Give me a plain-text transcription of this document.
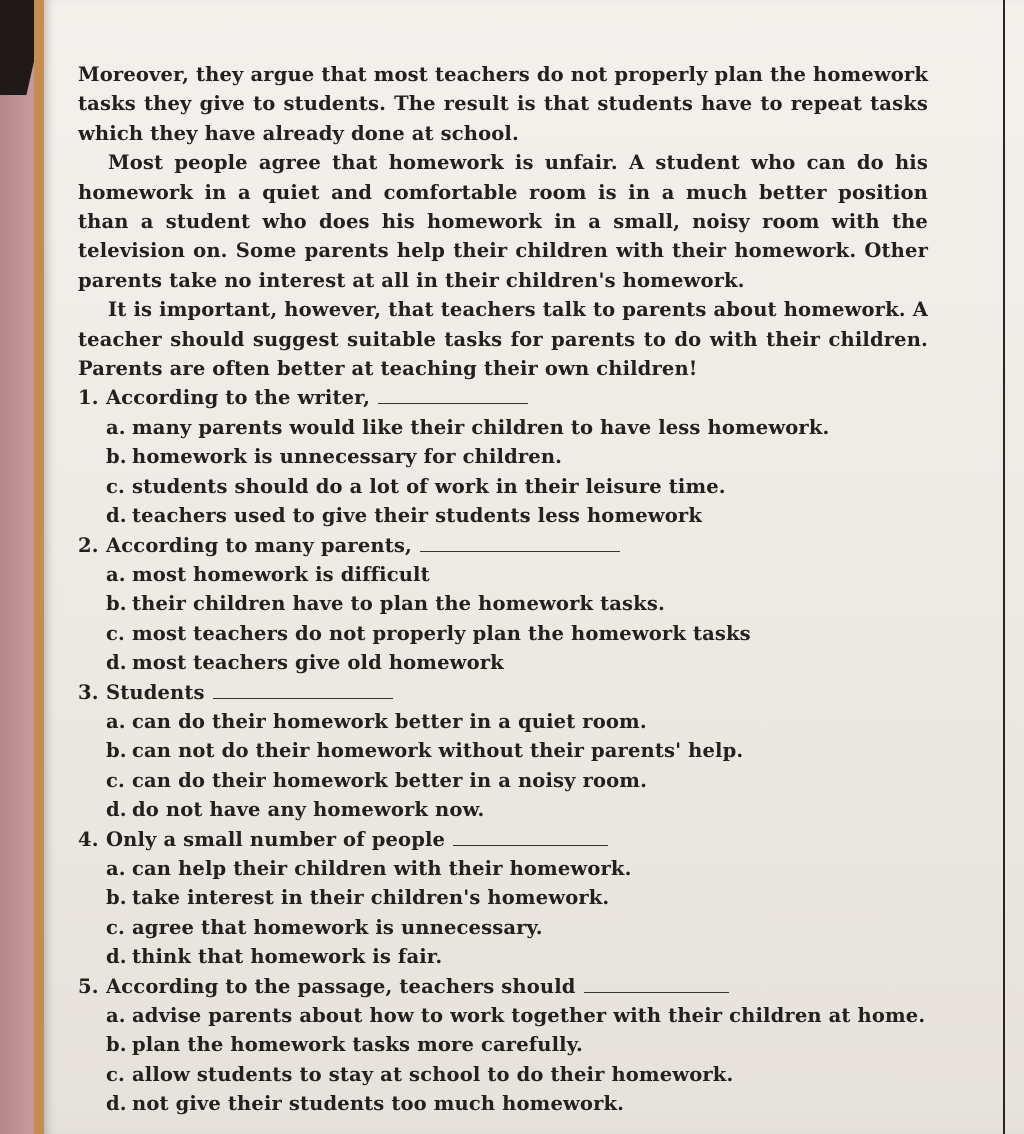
Moreover, they argue that most teachers do not properly plan the homework tasks they give to students. The result is that students have to repeat tasks which they have already done at school.

Most people agree that homework is unfair. A student who can do his homework in a quiet and comfortable room is in a much better position than a student who does his homework in a small, noisy room with the television on. Some parents help their children with their homework. Other parents take no interest at all in their children's homework.

It is important, however, that teachers talk to parents about homework. A teacher should suggest suitable tasks for parents to do with their children. Parents are often better at teaching their own children!

1. According to the writer,

a. many parents would like their children to have less homework.

b. homework is unnecessary for children.

c. students should do a lot of work in their leisure time.

d. teachers used to give their students less homework

2. According to many parents,

a. most homework is difficult

b. their children have to plan the homework tasks.

c. most teachers do not properly plan the homework tasks

d. most teachers give old homework

3. Students

a. can do their homework better in a quiet room.

b. can not do their homework without their parents' help.

c. can do their homework better in a noisy room.

d. do not have any homework now.

4. Only a small number of people

a. can help their children with their homework.

b. take interest in their children's homework.

c. agree that homework is unnecessary.

d. think that homework is fair.

5. According to the passage, teachers should

a. advise parents about how to work together with their children at home.

b. plan the homework tasks more carefully.

c. allow students to stay at school to do their homework.

d. not give their students too much homework.
